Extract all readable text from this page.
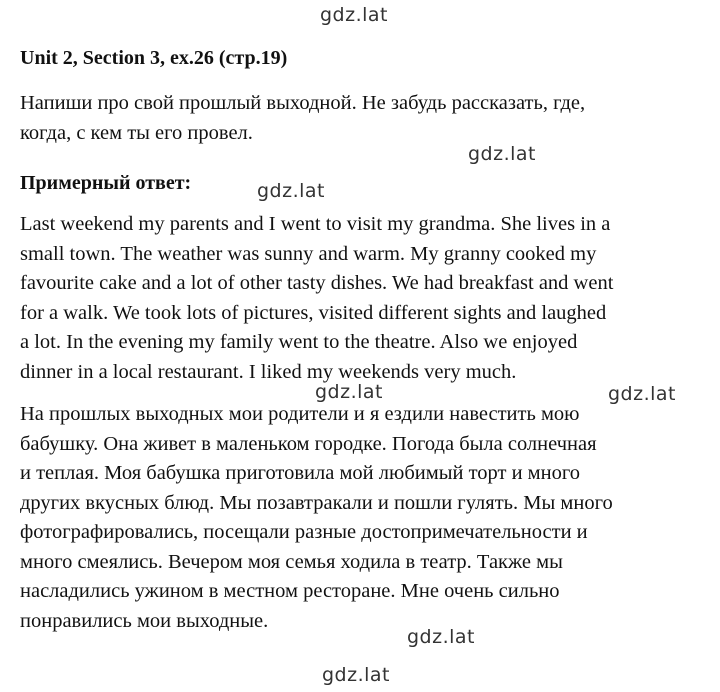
gdz.lat
gdz.lat
gdz.lat
gdz.lat	gdz.lat
gdz.lat
gdz.lat
Unit 2, Section 3, ex.26 (стр.19)
Напиши про свой прошлый выходной. Не забудь рассказать, где,
когда, с кем ты его провел.
Примерный ответ:
Last weekend my parents and I went to visit my grandma. She lives in a
small town. The weather was sunny and warm. My granny cooked my
favourite cake and a lot of other tasty dishes. We had breakfast and went
for a walk. We took lots of pictures, visited different sights and laughed
a lot. In the evening my family went to the theatre. Also we enjoyed
dinner in a local restaurant. I liked my weekends very much.
На прошлых выходных мои родители и я ездили навестить мою
бабушку. Она живет в маленьком городке. Погода была солнечная
и теплая. Моя бабушка приготовила мой любимый торт и много
других вкусных блюд. Мы позавтракали и пошли гулять. Мы много
фотографировались, посещали разные достопримечательности и
много смеялись. Вечером моя семья ходила в театр. Также мы
насладились ужином в местном ресторане. Мне очень сильно
понравились мои выходные.
